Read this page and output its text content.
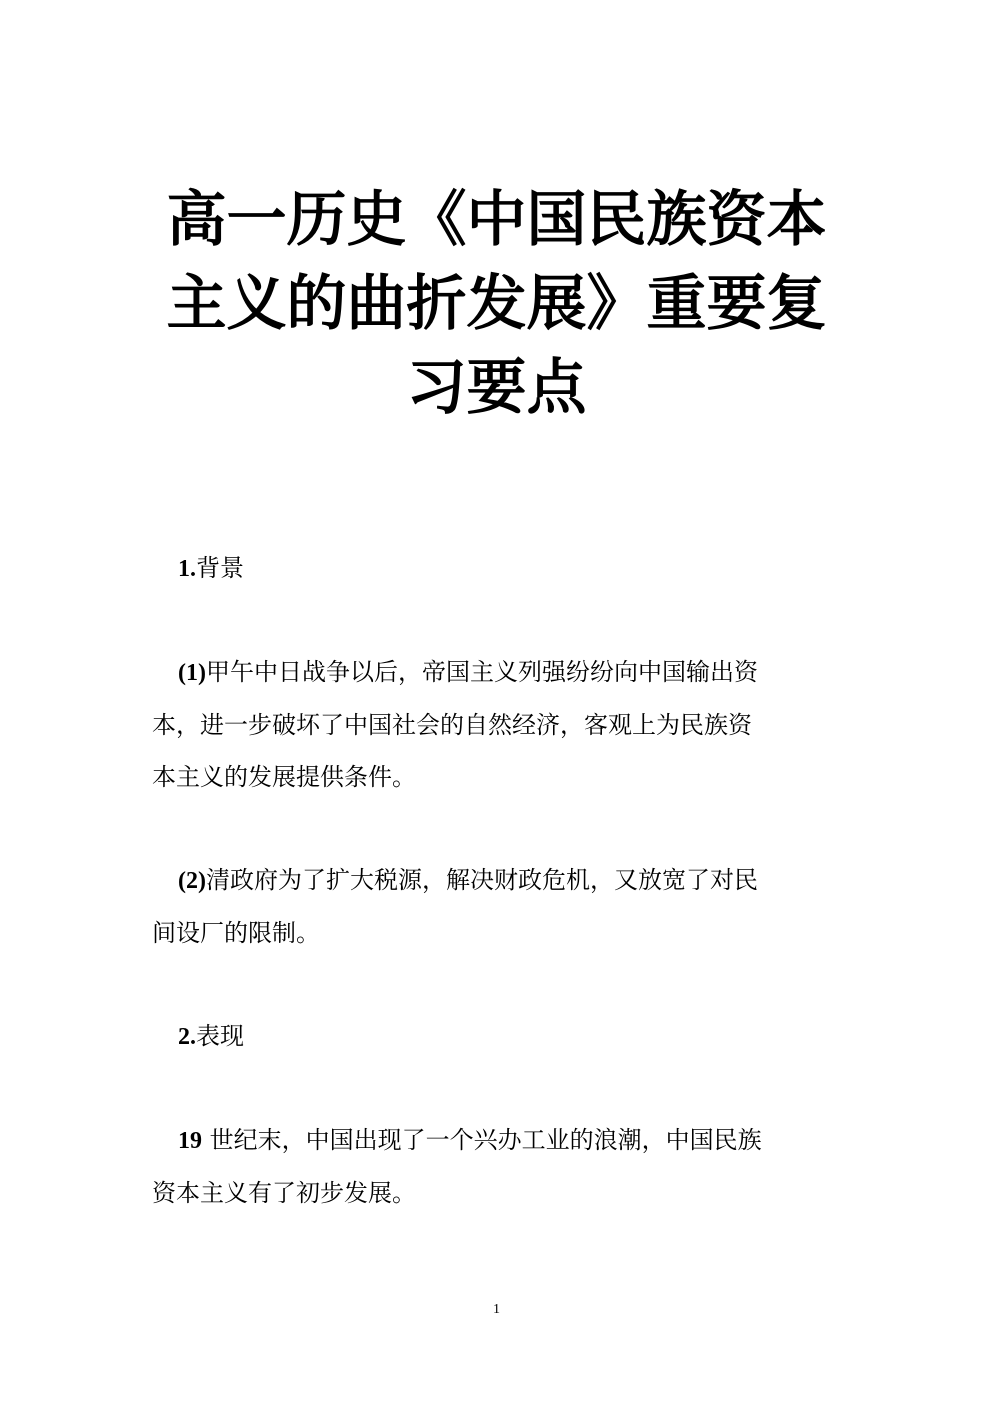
高一历史《中国民族资本
主义的曲折发展》重要复
习要点

1.背景

(1)甲午中日战争以后，帝国主义列强纷纷向中国输出资
本，进一步破坏了中国社会的自然经济，客观上为民族资
本主义的发展提供条件。
(2)清政府为了扩大税源，解决财政危机，又放宽了对民
间设厂的限制。

2.表现

19 世纪末，中国出现了一个兴办工业的浪潮，中国民族
资本主义有了初步发展。
1
